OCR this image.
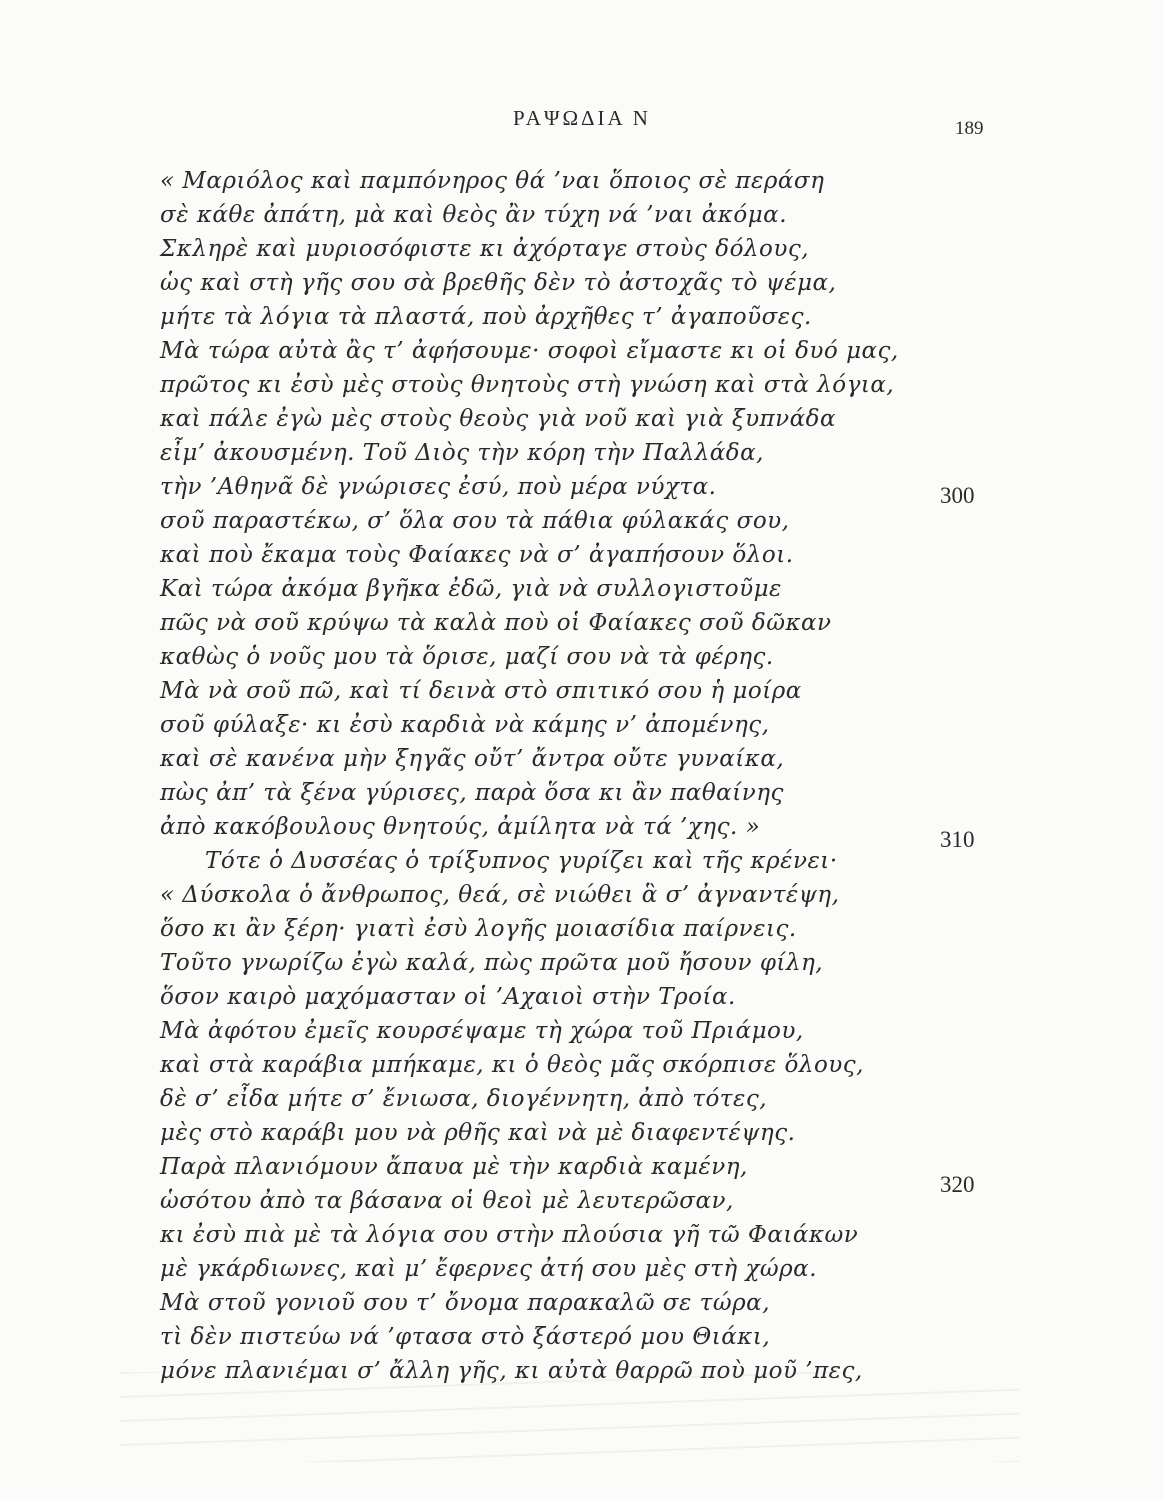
ΡΑΨΩΔΙΑ Ν	189
« Μαριόλος καὶ παμπόνηρος θά ’ναι ὅποιος σὲ περάση
σὲ κάθε ἀπάτη, μὰ καὶ θεὸς ἂν τύχη νά ’ναι ἀκόμα.
Σκληρὲ καὶ μυριοσόφιστε κι ἀχόρταγε στοὺς δόλους,
ὡς καὶ στὴ γῆς σου σὰ βρεθῆς δὲν τὸ ἀστοχᾶς τὸ ψέμα,
μήτε τὰ λόγια τὰ πλαστά, ποὺ ἀρχῆθες τ’ ἀγαποῦσες.
Μὰ τώρα αὐτὰ ἂς τ’ ἀφήσουμε· σοφοὶ εἴμαστε κι οἱ δυό μας,
πρῶτος κι ἐσὺ μὲς στοὺς θνητοὺς στὴ γνώση καὶ στὰ λόγια,
καὶ πάλε ἐγὼ μὲς στοὺς θεοὺς γιὰ νοῦ καὶ γιὰ ξυπνάδα
εἶμ’ ἀκουσμένη. Τοῦ Διὸς τὴν κόρη τὴν Παλλάδα,
τὴν ’Αθηνᾶ δὲ γνώρισες ἐσύ, ποὺ μέρα νύχτα.
σοῦ παραστέκω, σ’ ὅλα σου τὰ πάθια φύλακάς σου,
καὶ ποὺ ἔκαμα τοὺς Φαίακες νὰ σ’ ἀγαπήσουν ὅλοι.
Καὶ τώρα ἀκόμα βγῆκα ἐδῶ, γιὰ νὰ συλλογιστοῦμε
πῶς νὰ σοῦ κρύψω τὰ καλὰ ποὺ οἱ Φαίακες σοῦ δῶκαν
καθὼς ὁ νοῦς μου τὰ ὅρισε, μαζί σου νὰ τὰ φέρης.
Μὰ νὰ σοῦ πῶ, καὶ τί δεινὰ στὸ σπιτικό σου ἡ μοίρα
σοῦ φύλαξε· κι ἐσὺ καρδιὰ νὰ κάμης ν’ ἀπομένης,
καὶ σὲ κανένα μὴν ξηγᾶς οὔτ’ ἄντρα οὔτε γυναίκα,
πὼς ἀπ’ τὰ ξένα γύρισες, παρὰ ὅσα κι ἂν παθαίνης
ἀπὸ κακόβουλους θνητούς, ἀμίλητα νὰ τά ’χης. »
Τότε ὁ Δυσσέας ὁ τρίξυπνος γυρίζει καὶ τῆς κρένει·
« Δύσκολα ὁ ἄνθρωπος, θεά, σὲ νιώθει ἃ σ’ ἀγναντέψη,
ὅσο κι ἂν ξέρη· γιατὶ ἐσὺ λογῆς μοιασίδια παίρνεις.
Τοῦτο γνωρίζω ἐγὼ καλά, πὼς πρῶτα μοῦ ἤσουν φίλη,
ὅσον καιρὸ μαχόμασταν οἱ ’Αχαιοὶ στὴν Τροία.
Μὰ ἀφότου ἐμεῖς κουρσέψαμε τὴ χώρα τοῦ Πριάμου,
καὶ στὰ καράβια μπήκαμε, κι ὁ θεὸς μᾶς σκόρπισε ὅλους,
δὲ σ’ εἶδα μήτε σ’ ἔνιωσα, διογέννητη, ἀπὸ τότες,
μὲς στὸ καράβι μου νὰ ρθῆς καὶ νὰ μὲ διαφεντέψης.
Παρὰ πλανιόμουν ἄπαυα μὲ τὴν καρδιὰ καμένη,
ὡσότου ἀπὸ τα βάσανα οἱ θεοὶ μὲ λευτερῶσαν,
κι ἐσὺ πιὰ μὲ τὰ λόγια σου στὴν πλούσια γῆ τῶ Φαιάκων
μὲ γκάρδιωνες, καὶ μ’ ἔφερνες ἀτή σου μὲς στὴ χώρα.
Μὰ στοῦ γονιοῦ σου τ’ ὄνομα παρακαλῶ σε τώρα,
τὶ δὲν πιστεύω νά ’φτασα στὸ ξάστερό μου Θιάκι,
μόνε πλανιέμαι σ’ ἄλλη γῆς, κι αὐτὰ θαρρῶ ποὺ μοῦ ’πες,
300
310
320
